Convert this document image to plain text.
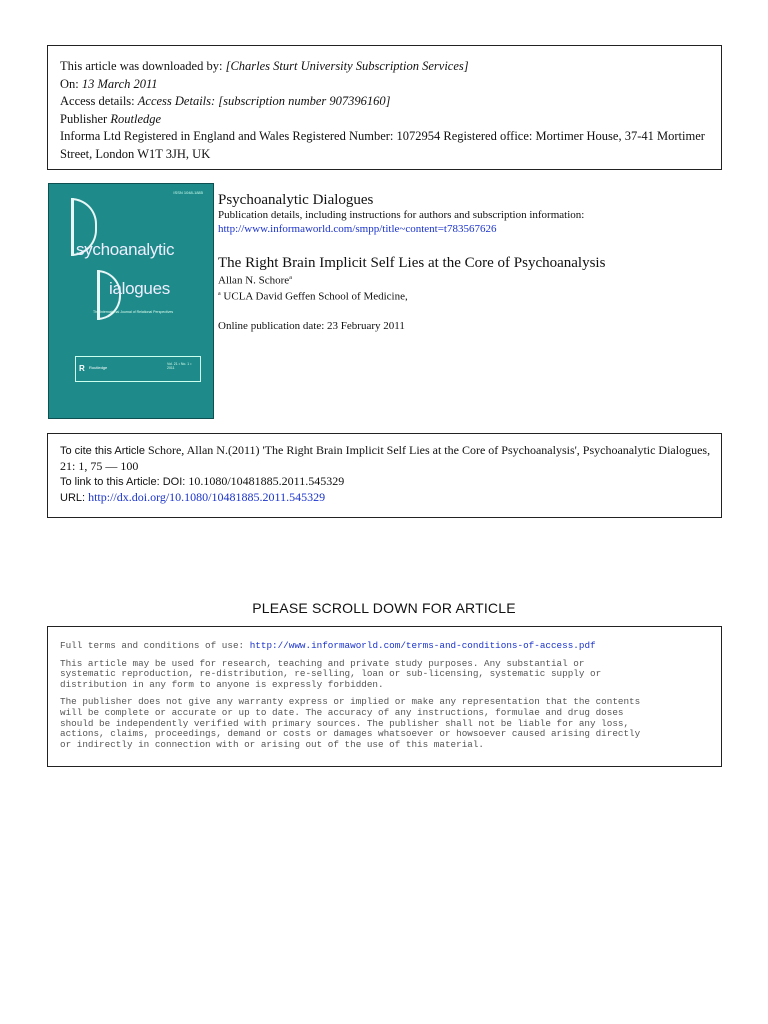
This article was downloaded by: [Charles Sturt University Subscription Services]
On: 13 March 2011
Access details: Access Details: [subscription number 907396160]
Publisher Routledge
Informa Ltd Registered in England and Wales Registered Number: 1072954 Registered office: Mortimer House, 37-41 Mortimer Street, London W1T 3JH, UK
ISSN 1048-1885
sychoanalytic
ialogues
The International Journal of Relational Perspectives
R Routledge
Vol. 21 • No. 1 • 2011
Psychoanalytic Dialogues
Publication details, including instructions for authors and subscription information:
http://www.informaworld.com/smpp/title~content=t783567626
The Right Brain Implicit Self Lies at the Core of Psychoanalysis
Allan N. Schore$^a$
$^a$ UCLA David Geffen School of Medicine,
Online publication date: 23 February 2011
To cite this Article Schore, Allan N.(2011) 'The Right Brain Implicit Self Lies at the Core of Psychoanalysis', Psychoanalytic Dialogues, 21: 1, 75 — 100
To link to this Article: DOI: 10.1080/10481885.2011.545329
URL: http://dx.doi.org/10.1080/10481885.2011.545329
PLEASE SCROLL DOWN FOR ARTICLE

Full terms and conditions of use: http://www.informaworld.com/terms-and-conditions-of-access.pdf

This article may be used for research, teaching and private study purposes. Any substantial or
systematic reproduction, re-distribution, re-selling, loan or sub-licensing, systematic supply or
distribution in any form to anyone is expressly forbidden.

The publisher does not give any warranty express or implied or make any representation that the contents
will be complete or accurate or up to date. The accuracy of any instructions, formulae and drug doses
should be independently verified with primary sources. The publisher shall not be liable for any loss,
actions, claims, proceedings, demand or costs or damages whatsoever or howsoever caused arising directly
or indirectly in connection with or arising out of the use of this material.
